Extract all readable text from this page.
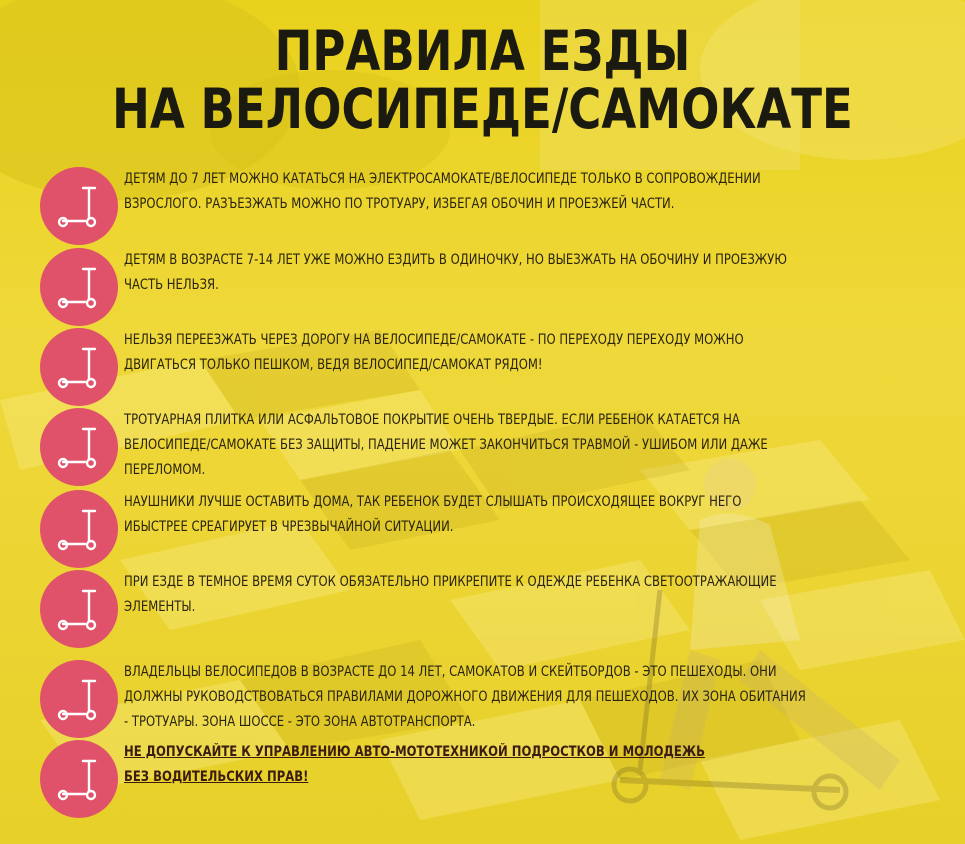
ПРАВИЛА ЕЗДЫ
НА ВЕЛОСИПЕДЕ/САМОКАТЕ
ДЕТЯМ ДО 7 ЛЕТ МОЖНО КАТАТЬСЯ НА ЭЛЕКТРОСАМОКАТЕ/ВЕЛОСИПЕДЕ ТОЛЬКО В СОПРОВОЖДЕНИИ
ВЗРОСЛОГО. РАЗЪЕЗЖАТЬ МОЖНО ПО ТРОТУАРУ, ИЗБЕГАЯ ОБОЧИН И ПРОЕЗЖЕЙ ЧАСТИ.
ДЕТЯМ В ВОЗРАСТЕ 7-14 ЛЕТ УЖЕ МОЖНО ЕЗДИТЬ В ОДИНОЧКУ, НО ВЫЕЗЖАТЬ НА ОБОЧИНУ И ПРОЕЗЖУЮ
ЧАСТЬ НЕЛЬЗЯ.
НЕЛЬЗЯ ПЕРЕЕЗЖАТЬ ЧЕРЕЗ ДОРОГУ НА ВЕЛОСИПЕДЕ/САМОКАТЕ - ПО ПЕРЕХОДУ ПЕРЕХОДУ МОЖНО
ДВИГАТЬСЯ ТОЛЬКО ПЕШКОМ, ВЕДЯ ВЕЛОСИПЕД/САМОКАТ РЯДОМ!
ТРОТУАРНАЯ ПЛИТКА ИЛИ АСФАЛЬТОВОЕ ПОКРЫТИЕ ОЧЕНЬ ТВЕРДЫЕ. ЕСЛИ РЕБЕНОК КАТАЕТСЯ НА
ВЕЛОСИПЕДЕ/САМОКАТЕ БЕЗ ЗАЩИТЫ, ПАДЕНИЕ МОЖЕТ ЗАКОНЧИТЬСЯ ТРАВМОЙ - УШИБОМ ИЛИ ДАЖЕ
ПЕРЕЛОМОМ.
НАУШНИКИ ЛУЧШЕ ОСТАВИТЬ ДОМА, ТАК РЕБЕНОК БУДЕТ СЛЫШАТЬ ПРОИСХОДЯЩЕЕ ВОКРУГ НЕГО
ИБЫСТРЕЕ СРЕАГИРУЕТ В ЧРЕЗВЫЧАЙНОЙ СИТУАЦИИ.
ПРИ ЕЗДЕ В ТЕМНОЕ ВРЕМЯ СУТОК ОБЯЗАТЕЛЬНО ПРИКРЕПИТЕ К ОДЕЖДЕ РЕБЕНКА СВЕТООТРАЖАЮЩИЕ
ЭЛЕМЕНТЫ.
ВЛАДЕЛЬЦЫ ВЕЛОСИПЕДОВ В ВОЗРАСТЕ ДО 14 ЛЕТ, САМОКАТОВ И СКЕЙТБОРДОВ - ЭТО ПЕШЕХОДЫ. ОНИ
ДОЛЖНЫ РУКОВОДСТВОВАТЬСЯ ПРАВИЛАМИ ДОРОЖНОГО ДВИЖЕНИЯ ДЛЯ ПЕШЕХОДОВ. ИХ ЗОНА ОБИТАНИЯ
- ТРОТУАРЫ. ЗОНА ШОССЕ - ЭТО ЗОНА АВТОТРАНСПОРТА.
НЕ ДОПУСКАЙТЕ К УПРАВЛЕНИЮ АВТО-МОТОТЕХНИКОЙ ПОДРОСТКОВ И МОЛОДЕЖЬ
БЕЗ ВОДИТЕЛЬСКИХ ПРАВ!
